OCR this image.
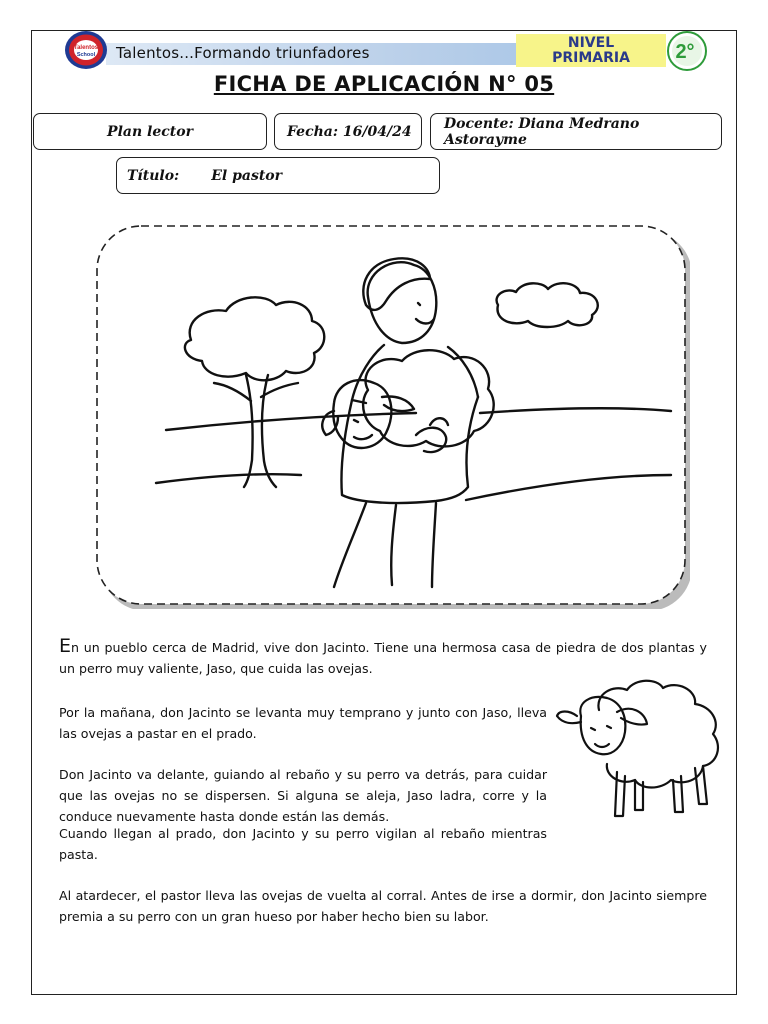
Talentos...Formando triunfadores
NIVEL
PRIMARIA
Talentos
School	2°
FICHA DE APLICACIÓN N° 05
Plan lector	Fecha: 16/04/24 Docente: Diana Medrano Astorayme
Título: El pastor

En un pueblo cerca de Madrid, vive don Jacinto. Tiene una hermosa casa de piedra de dos plantas y un perro muy valiente, Jaso, que cuida las ovejas.

Por la mañana, don Jacinto se levanta muy temprano y junto con Jaso, lleva las ovejas a pastar en el prado.

Don Jacinto va delante, guiando al rebaño y su perro va detrás, para cuidar que las ovejas no se dispersen. Si alguna se aleja, Jaso ladra, corre y la conduce nuevamente hasta donde están las demás.

Cuando llegan al prado, don Jacinto y su perro vigilan al rebaño mientras pasta.

Al atardecer, el pastor lleva las ovejas de vuelta al corral. Antes de irse a dormir, don Jacinto siempre premia a su perro con un gran hueso por haber hecho bien su labor.
